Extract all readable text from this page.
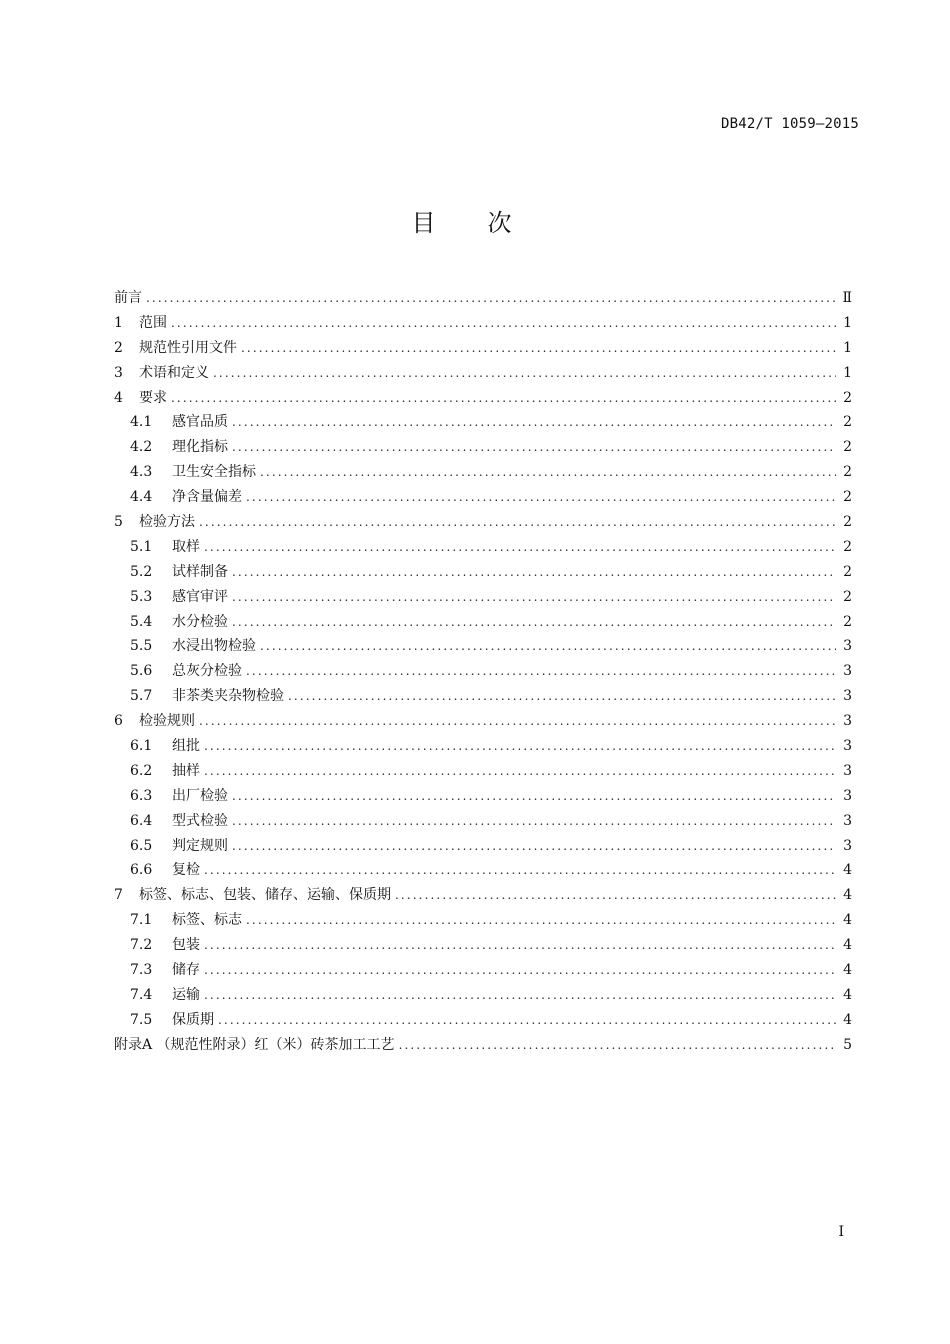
DB42/T 1059—2015
目次
前言 .....	Ⅱ
1	范围 .....	1
2	规范性引用文件 .....	1
3	术语和定义 .....	1
4	要求 .....	2
4.1	感官品质 .....	2
4.2	理化指标 .....	2
4.3	卫生安全指标 .....	2
4.4	净含量偏差 .....	2
5	检验方法 .....	2
5.1	取样 .....	2
5.2	试样制备 .....	2
5.3	感官审评 .....	2
5.4	水分检验 .....	2
5.5	水浸出物检验 .....	3
5.6	总灰分检验 .....	3
5.7	非茶类夹杂物检验 .....	3
6	检验规则 .....	3
6.1	组批 .....	3
6.2	抽样 .....	3
6.3	出厂检验 .....	3
6.4	型式检验 .....	3
6.5	判定规则 .....	3
6.6	复检 .....	4
7	标签、标志、包装、储存、运输、保质期 .....	4
7.1	标签、标志 .....	4
7.2	包装 .....	4
7.3	储存 .....	4
7.4	运输 .....	4
7.5	保质期 .....	4
附录A （规范性附录）红（米）砖茶加工工艺 .....	5
I
